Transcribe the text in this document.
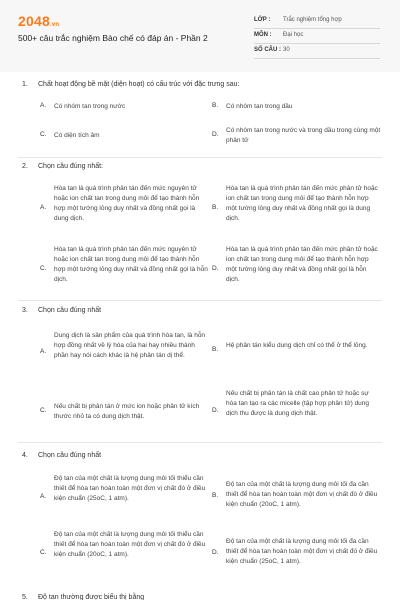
2048.vn
500+ câu trắc nghiệm Bào chế có đáp án - Phần 2
LỚP : Trắc nghiệm tổng hợp
MÔN : Đại học
SỐ CÂU : 30
1. Chất hoạt động bề mặt (diện hoạt) có cấu trúc với đặc trưng sau:
A. Có nhóm tan trong nước	B. Có nhóm tan trong dầu
C. Có diện tích âm	D.
Có nhóm tan trong nước và trong dầu trong cùng một phân tử
2. Chọn câu đúng nhất:
A.
Hòa tan là quá trình phân tán đến mức nguyên tử hoặc ion chất tan trong dung môi để tạo thành hỗn hợp một tướng lỏng duy nhất và đồng nhất gọi là dung dịch.
B.
Hòa tan là quá trình phân tán đến mức phân tử hoặc ion chất tan trong dung môi để tạo thành hỗn hợp một tướng lỏng duy nhất và đồng nhất gọi là dung dịch.
C.
Hòa tan là quá trình phân tán đến mức nguyên tử hoặc ion chất tan trong dung môi để tạo thành hỗn hợp một tướng lỏng duy nhất và đồng nhất gọi là hỗn dịch.
D.
Hòa tan là quá trình phân tán đến mức phân tử hoặc ion chất tan trong dung môi để tạo thành hỗn hợp một tướng lỏng duy nhất và đồng nhất gọi là hỗn dịch.
3. Chọn câu đúng nhất
A.
Dung dịch là sản phẩm của quá trình hòa tan, là hỗn hợp đồng nhất về lý hóa của hai hay nhiều thành phần hay nói cách khác là hệ phân tán dị thể.
B.
Hệ phân tán kiểu dung dịch chỉ có thể ở thể lỏng.
C.
Nếu chất bị phân tán ở mức ion hoặc phân tử kích thước nhỏ ta có dung dịch thật.
D.
Nếu chất bị phân tán là chất cao phân tử hoặc sự hòa tan tạo ra các micelle (tập hợp phân tử) dung dịch thu được là dung dịch thật.
4. Chọn câu đúng nhất
A.
Độ tan của một chất là lượng dung môi tối thiểu cần thiết để hòa tan hoàn toàn một đơn vị chất đó ở điều kiện chuẩn (25oC, 1 atm).	B.
Độ tan của một chất là lượng dung môi tối đa cần thiết để hòa tan hoàn toàn một đơn vị chất đó ở điều kiện chuẩn (20oC, 1 atm).
C.
Độ tan của một chất là lượng dung môi tối thiểu cần thiết để hòa tan hoàn toàn một đơn vị chất đó ở điều kiện chuẩn (20oC, 1 atm).	D.
Độ tan của một chất là lượng dung môi tối đa cần thiết để hòa tan hoàn toàn một đơn vị chất đó ở điều kiện chuẩn (25oC, 1 atm).
5. Độ tan thường được biểu thị bằng
